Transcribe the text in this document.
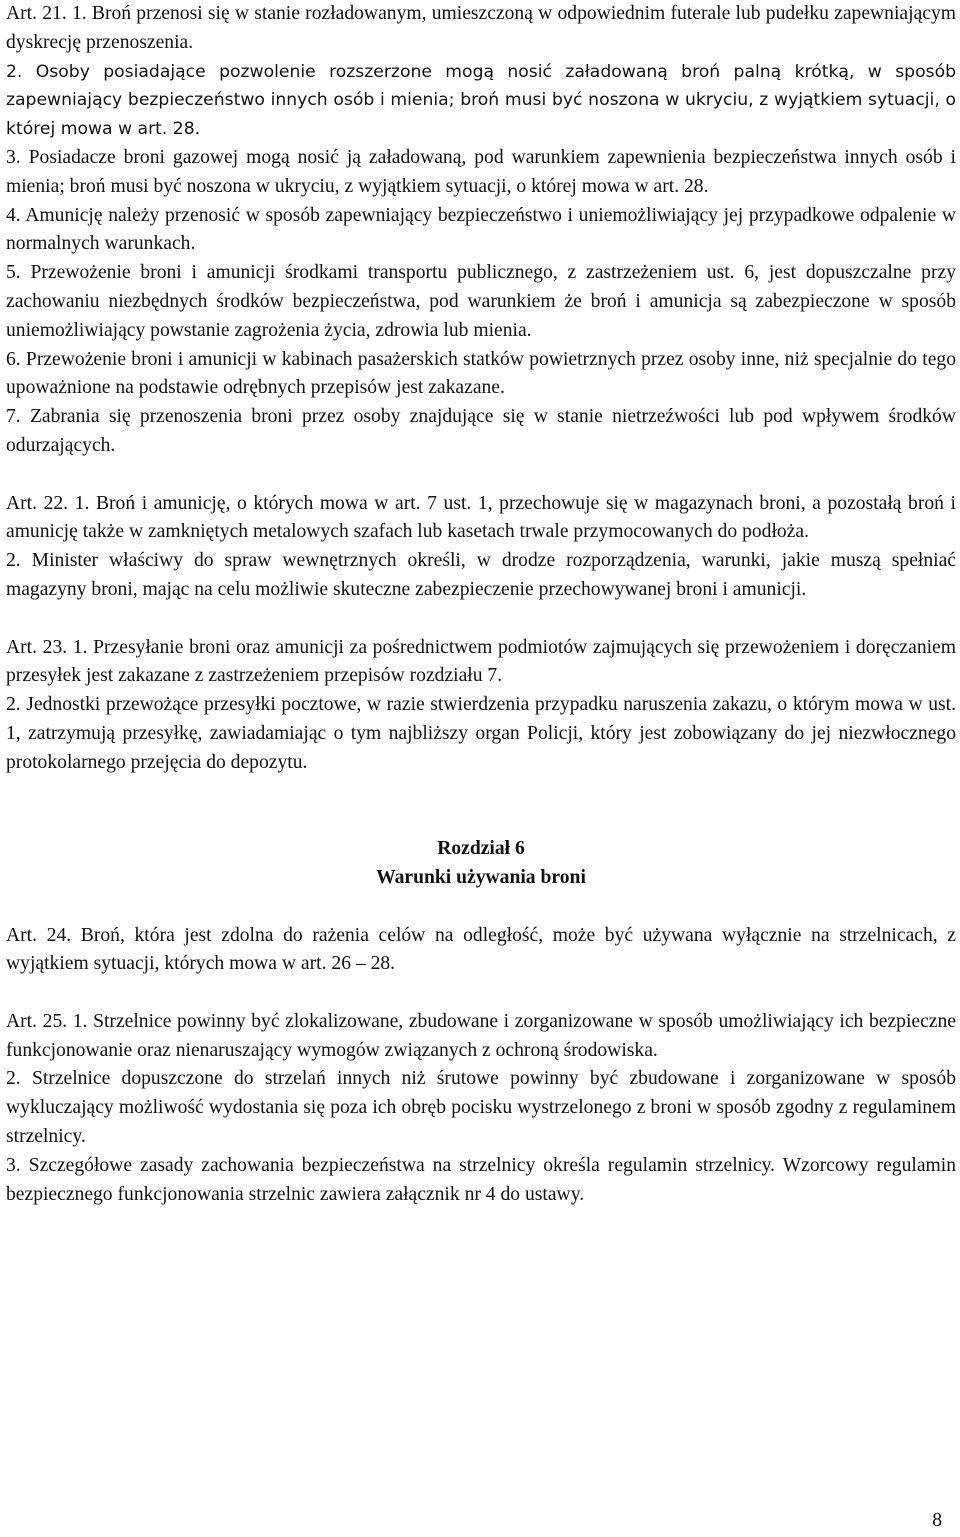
Art. 21. 1. Broń przenosi się w stanie rozładowanym, umieszczoną w odpowiednim futerale lub pudełku zapewniającym dyskrecję przenoszenia.

2. Osoby posiadające pozwolenie rozszerzone mogą nosić załadowaną broń palną krótką, w sposób zapewniający bezpieczeństwo innych osób i mienia; broń musi być noszona w ukryciu, z wyjątkiem sytuacji, o której mowa w art. 28.

3. Posiadacze broni gazowej mogą nosić ją załadowaną, pod warunkiem zapewnienia bezpieczeństwa innych osób i mienia; broń musi być noszona w ukryciu, z wyjątkiem sytuacji, o której mowa w art. 28.

4. Amunicję należy przenosić w sposób zapewniający bezpieczeństwo i uniemożliwiający jej przypadkowe odpalenie w normalnych warunkach.

5. Przewożenie broni i amunicji środkami transportu publicznego, z zastrzeżeniem ust. 6, jest dopuszczalne przy zachowaniu niezbędnych środków bezpieczeństwa, pod warunkiem że broń i amunicja są zabezpieczone w sposób uniemożliwiający powstanie zagrożenia życia, zdrowia lub mienia.

6. Przewożenie broni i amunicji w kabinach pasażerskich statków powietrznych przez osoby inne, niż specjalnie do tego upoważnione na podstawie odrębnych przepisów jest zakazane.

7. Zabrania się przenoszenia broni przez osoby znajdujące się w stanie nietrzeźwości lub pod wpływem środków odurzających.

Art. 22. 1. Broń i amunicję, o których mowa w art. 7 ust. 1, przechowuje się w magazynach broni, a pozostałą broń i amunicję także w zamkniętych metalowych szafach lub kasetach trwale przymocowanych do podłoża.

2. Minister właściwy do spraw wewnętrznych określi, w drodze rozporządzenia, warunki, jakie muszą spełniać magazyny broni, mając na celu możliwie skuteczne zabezpieczenie przechowywanej broni i amunicji.

Art. 23. 1. Przesyłanie broni oraz amunicji za pośrednictwem podmiotów zajmujących się przewożeniem i doręczaniem przesyłek jest zakazane z zastrzeżeniem przepisów rozdziału 7.

2. Jednostki przewożące przesyłki pocztowe, w razie stwierdzenia przypadku naruszenia zakazu, o którym mowa w ust. 1, zatrzymują przesyłkę, zawiadamiając o tym najbliższy organ Policji, który jest zobowiązany do jej niezwłocznego protokolarnego przejęcia do depozytu.

Rozdział 6

Warunki używania broni

Art. 24. Broń, która jest zdolna do rażenia celów na odległość, może być używana wyłącznie na strzelnicach, z wyjątkiem sytuacji, których mowa w art. 26 – 28.

Art. 25. 1. Strzelnice powinny być zlokalizowane, zbudowane i zorganizowane w sposób umożliwiający ich bezpieczne funkcjonowanie oraz nienaruszający wymogów związanych z ochroną środowiska.

2. Strzelnice dopuszczone do strzelań innych niż śrutowe powinny być zbudowane i zorganizowane w sposób wykluczający możliwość wydostania się poza ich obręb pocisku wystrzelonego z broni w sposób zgodny z regulaminem strzelnicy.

3. Szczegółowe zasady zachowania bezpieczeństwa na strzelnicy określa regulamin strzelnicy. Wzorcowy regulamin bezpiecznego funkcjonowania strzelnic zawiera załącznik nr 4 do ustawy.

8
